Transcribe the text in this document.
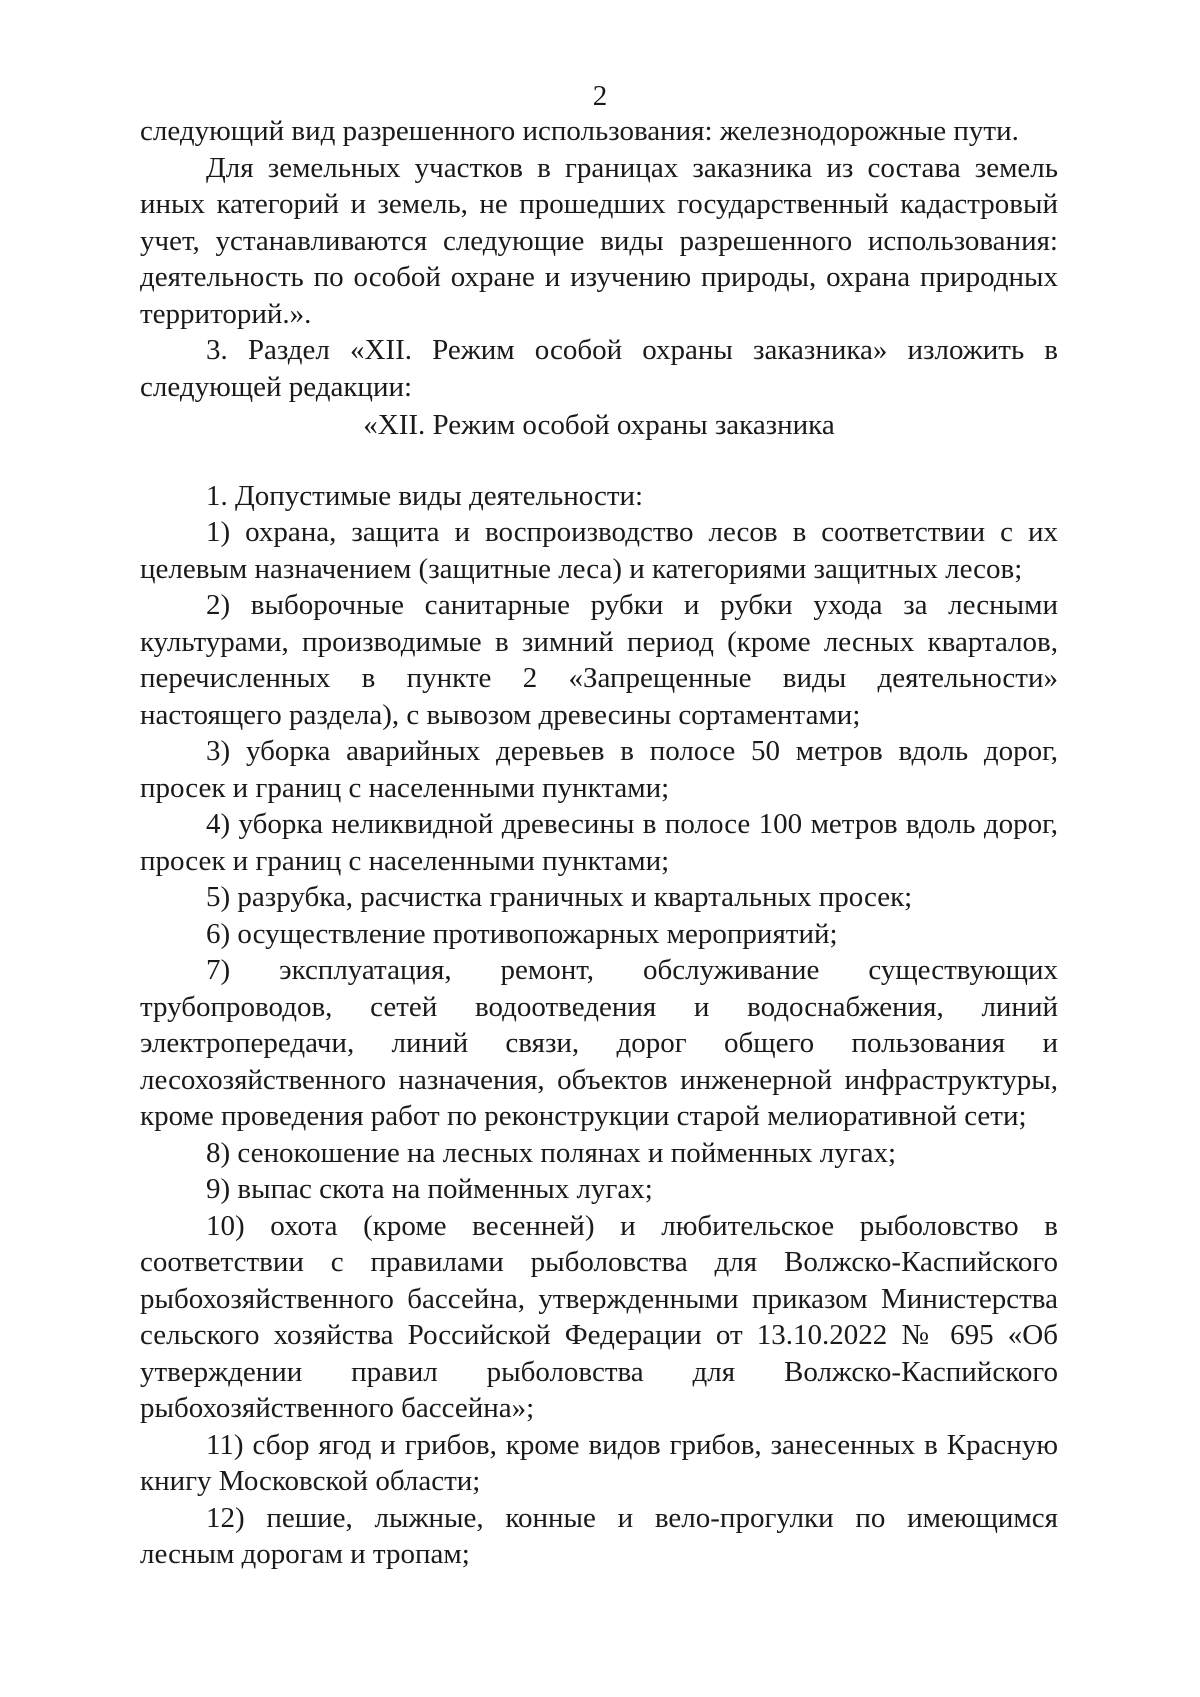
2

следующий вид разрешенного использования: железнодорожные пути.

Для земельных участков в границах заказника из состава земель иных категорий и земель, не прошедших государственный кадастровый учет, устанавливаются следующие виды разрешенного использования: деятельность по особой охране и изучению природы, охрана природных территорий.».

3. Раздел «XII. Режим особой охраны заказника» изложить в следующей редакции:

«XII. Режим особой охраны заказника

1. Допустимые виды деятельности:

1) охрана, защита и воспроизводство лесов в соответствии с их целевым назначением (защитные леса) и категориями защитных лесов;

2) выборочные санитарные рубки и рубки ухода за лесными культурами, производимые в зимний период (кроме лесных кварталов, перечисленных в пункте 2 «Запрещенные виды деятельности» настоящего раздела), с вывозом древесины сортаментами;

3) уборка аварийных деревьев в полосе 50 метров вдоль дорог, просек и границ с населенными пунктами;

4) уборка неликвидной древесины в полосе 100 метров вдоль дорог, просек и границ с населенными пунктами;

5) разрубка, расчистка граничных и квартальных просек;

6) осуществление противопожарных мероприятий;

7) эксплуатация, ремонт, обслуживание существующих трубопроводов, сетей водоотведения и водоснабжения, линий электропередачи, линий связи, дорог общего пользования и лесохозяйственного назначения, объектов инженерной инфраструктуры, кроме проведения работ по реконструкции старой мелиоративной сети;

8) сенокошение на лесных полянах и пойменных лугах;

9) выпас скота на пойменных лугах;

10) охота (кроме весенней) и любительское рыболовство в соответствии с правилами рыболовства для Волжско-Каспийского рыбохозяйственного бассейна, утвержденными приказом Министерства сельского хозяйства Российской Федерации от 13.10.2022 № 695 «Об утверждении правил рыболовства для Волжско-Каспийского рыбохозяйственного бассейна»;

11) сбор ягод и грибов, кроме видов грибов, занесенных в Красную книгу Московской области;

12) пешие, лыжные, конные и вело-прогулки по имеющимся лесным дорогам и тропам;
